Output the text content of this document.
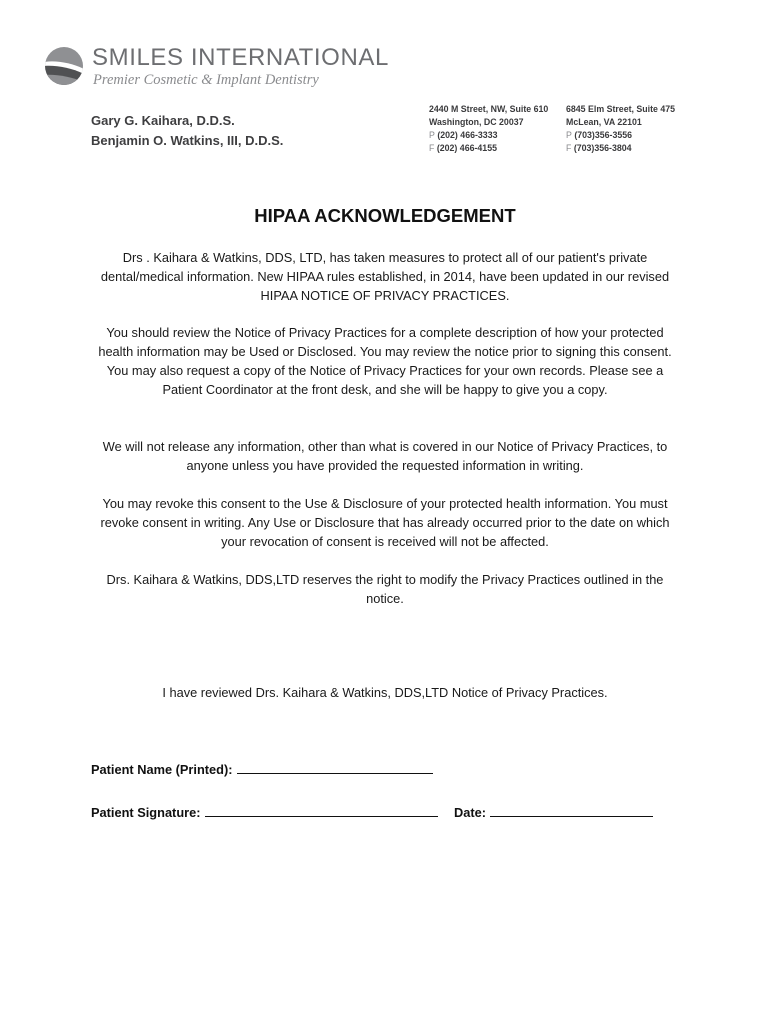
SMILES INTERNATIONAL
Premier Cosmetic & Implant Dentistry
Gary G. Kaihara, D.D.S.
Benjamin O. Watkins, III, D.D.S.
2440 M Street, NW, Suite 610
Washington, DC 20037
P (202) 466-3333
F (202) 466-4155
6845 Elm Street, Suite 475
McLean, VA 22101
P (703)356-3556
F (703)356-3804
HIPAA ACKNOWLEDGEMENT
Drs . Kaihara & Watkins, DDS, LTD, has taken measures to protect all of our patient's private dental/medical information. New HIPAA rules established, in 2014, have been updated in our revised HIPAA NOTICE OF PRIVACY PRACTICES.
You should review the Notice of Privacy Practices for a complete description of how your protected health information may be Used or Disclosed. You may review the notice prior to signing this consent. You may also request a copy of the Notice of Privacy Practices for your own records. Please see a Patient Coordinator at the front desk, and she will be happy to give you a copy.
We will not release any information, other than what is covered in our Notice of Privacy Practices, to anyone unless you have provided the requested information in writing.
You may revoke this consent to the Use & Disclosure of your protected health information. You must revoke consent in writing. Any Use or Disclosure that has already occurred prior to the date on which your revocation of consent is received will not be affected.
Drs. Kaihara & Watkins, DDS,LTD reserves the right to modify the Privacy Practices outlined in the notice.
I have reviewed Drs. Kaihara & Watkins, DDS,LTD Notice of Privacy Practices.
Patient Name (Printed):
Patient Signature:	Date:
